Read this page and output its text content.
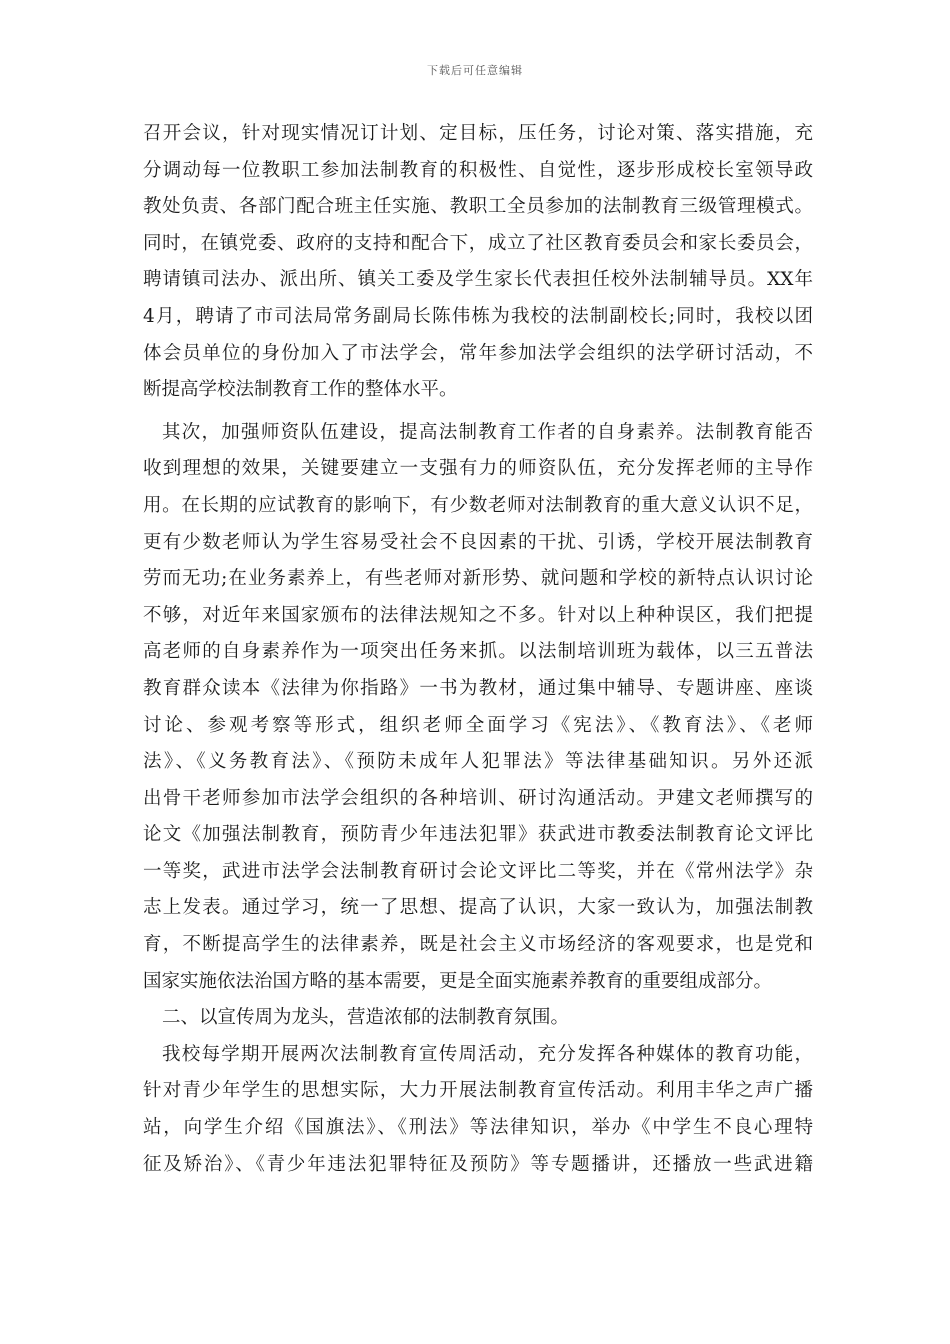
下载后可任意编辑
召开会议，针对现实情况订计划、定目标，压任务，讨论对策、落实措施，充
分调动每一位教职工参加法制教育的积极性、自觉性，逐步形成校长室领导政
教处负责、各部门配合班主任实施、教职工全员参加的法制教育三级管理模式。
同时，在镇党委、政府的支持和配合下，成立了社区教育委员会和家长委员会，
聘请镇司法办、派出所、镇关工委及学生家长代表担任校外法制辅导员。XX年
4月，聘请了市司法局常务副局长陈伟栋为我校的法制副校长;同时，我校以团
体会员单位的身份加入了市法学会，常年参加法学会组织的法学研讨活动，不
断提高学校法制教育工作的整体水平。
其次，加强师资队伍建设，提高法制教育工作者的自身素养。法制教育能否
收到理想的效果，关键要建立一支强有力的师资队伍，充分发挥老师的主导作
用。在长期的应试教育的影响下，有少数老师对法制教育的重大意义认识不足，
更有少数老师认为学生容易受社会不良因素的干扰、引诱，学校开展法制教育
劳而无功;在业务素养上，有些老师对新形势、就问题和学校的新特点认识讨论
不够，对近年来国家颁布的法律法规知之不多。针对以上种种误区，我们把提
高老师的自身素养作为一项突出任务来抓。以法制培训班为载体，以三五普法
教育群众读本《法律为你指路》一书为教材，通过集中辅导、专题讲座、座谈
讨论、参观考察等形式，组织老师全面学习《宪法》、《教育法》、《老师
法》、《义务教育法》、《预防未成年人犯罪法》等法律基础知识。另外还派
出骨干老师参加市法学会组织的各种培训、研讨沟通活动。尹建文老师撰写的
论文《加强法制教育，预防青少年违法犯罪》获武进市教委法制教育论文评比
一等奖，武进市法学会法制教育研讨会论文评比二等奖，并在《常州法学》杂
志上发表。通过学习，统一了思想、提高了认识，大家一致认为，加强法制教
育，不断提高学生的法律素养，既是社会主义市场经济的客观要求，也是党和
国家实施依法治国方略的基本需要，更是全面实施素养教育的重要组成部分。
二、以宣传周为龙头，营造浓郁的法制教育氛围。
我校每学期开展两次法制教育宣传周活动，充分发挥各种媒体的教育功能，
针对青少年学生的思想实际，大力开展法制教育宣传活动。利用丰华之声广播
站，向学生介绍《国旗法》、《刑法》等法律知识，举办《中学生不良心理特
征及矫治》、《青少年违法犯罪特征及预防》等专题播讲，还播放一些武进籍
